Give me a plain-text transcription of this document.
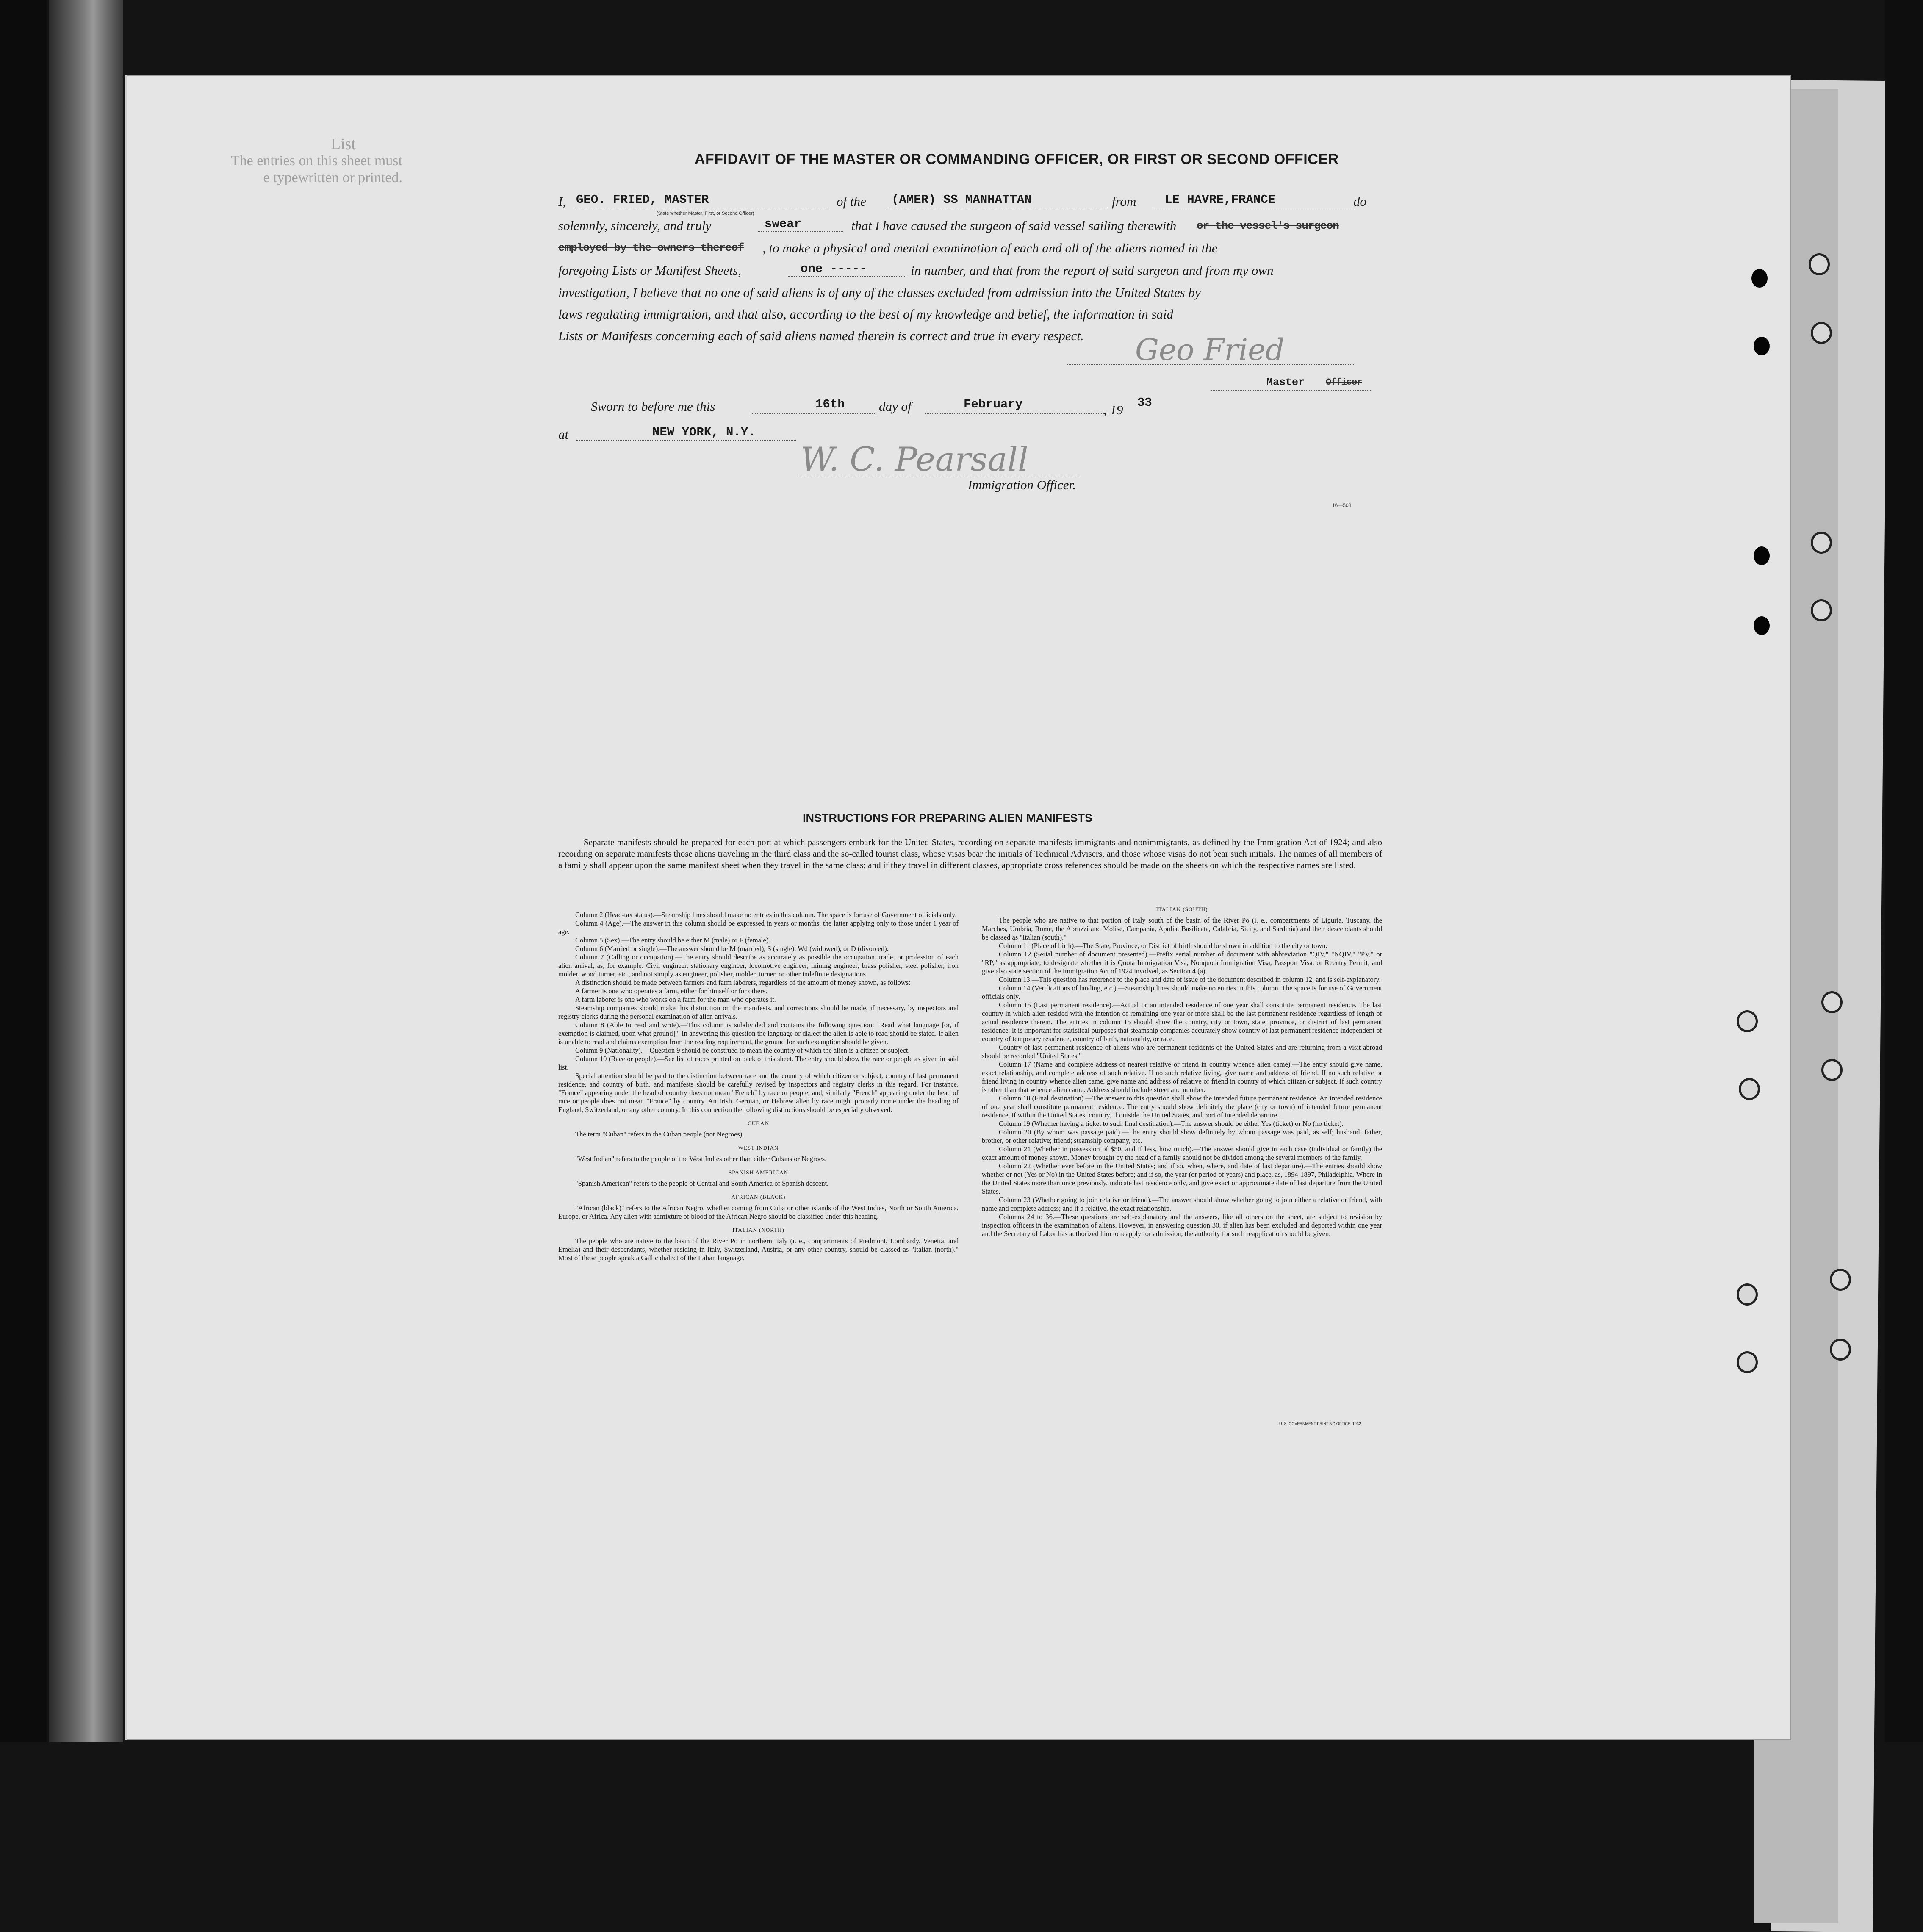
List
The entries on this sheet must
e typewritten or printed.
AFFIDAVIT OF THE MASTER OR COMMANDING OFFICER, OR FIRST OR SECOND OFFICER
I, GEO. FRIED, MASTER
(State whether Master, First, or Second Officer)
of the (AMER) SS MANHATTAN	from LE HAVRE,FRANCE	do
solemnly, sincerely, and truly	swear	that I have caused the surgeon of said vessel sailing therewith or the vessel's surgeon
employed by the owners thereof , to make a physical and mental examination of each and all of the aliens named in the
foregoing Lists or Manifest Sheets,	one -----	in number, and that from the report of said surgeon and from my own
investigation, I believe that no one of said aliens is of any of the classes excluded from admission into the United States by
laws regulating immigration, and that also, according to the best of my knowledge and belief, the information in said
Lists or Manifests concerning each of said aliens named therein is correct and true in every respect. Geo Fried
Master Officer
Sworn to before me this	16th	day of	February	, 19 33
at	NEW YORK, N.Y.
W. C. Pearsall
Immigration Officer.
16—508
INSTRUCTIONS FOR PREPARING ALIEN MANIFESTS
Separate manifests should be prepared for each port at which passengers embark for the United States, recording on separate manifests immigrants and nonimmigrants, as defined by the Immigration Act of 1924; and also recording on separate manifests those aliens traveling in the third class and the so-called tourist class, whose visas bear the initials of Technical Advisers, and those whose visas do not bear such initials. The names of all members of a family shall appear upon the same manifest sheet when they travel in the same class; and if they travel in different classes, appropriate cross references should be made on the sheets on which the respective names are listed.

Column 2 (Head-tax status).—Steamship lines should make no entries in this column. The space is for use of Government officials only.

Column 4 (Age).—The answer in this column should be expressed in years or months, the latter applying only to those under 1 year of age.

Column 5 (Sex).—The entry should be either M (male) or F (female).

Column 6 (Married or single).—The answer should be M (married), S (single), Wd (widowed), or D (divorced).

Column 7 (Calling or occupation).—The entry should describe as accurately as possible the occupation, trade, or profession of each alien arrival, as, for example: Civil engineer, stationary engineer, locomotive engineer, mining engineer, brass polisher, steel polisher, iron molder, wood turner, etc., and not simply as engineer, polisher, molder, turner, or other indefinite designations.

A distinction should be made between farmers and farm laborers, regardless of the amount of money shown, as follows:

A farmer is one who operates a farm, either for himself or for others.

A farm laborer is one who works on a farm for the man who operates it.

Steamship companies should make this distinction on the manifests, and corrections should be made, if necessary, by inspectors and registry clerks during the personal examination of alien arrivals.

Column 8 (Able to read and write).—This column is subdivided and contains the following question: "Read what language [or, if exemption is claimed, upon what ground]." In answering this question the language or dialect the alien is able to read should be stated. If alien is unable to read and claims exemption from the reading requirement, the ground for such exemption should be given.

Column 9 (Nationality).—Question 9 should be construed to mean the country of which the alien is a citizen or subject.

Column 10 (Race or people).—See list of races printed on back of this sheet. The entry should show the race or people as given in said list.

Special attention should be paid to the distinction between race and the country of which citizen or subject, country of last permanent residence, and country of birth, and manifests should be carefully revised by inspectors and registry clerks in this regard. For instance, "France" appearing under the head of country does not mean "French" by race or people, and, similarly "French" appearing under the head of race or people does not mean "France" by country. An Irish, German, or Hebrew alien by race might properly come under the heading of England, Switzerland, or any other country. In this connection the following distinctions should be especially observed:

CUBAN

The term "Cuban" refers to the Cuban people (not Negroes).

WEST INDIAN

"West Indian" refers to the people of the West Indies other than either Cubans or Negroes.

SPANISH AMERICAN

"Spanish American" refers to the people of Central and South America of Spanish descent.

AFRICAN (BLACK)

"African (black)" refers to the African Negro, whether coming from Cuba or other islands of the West Indies, North or South America, Europe, or Africa. Any alien with admixture of blood of the African Negro should be classified under this heading.

ITALIAN (NORTH)

The people who are native to the basin of the River Po in northern Italy (i. e., compartments of Piedmont, Lombardy, Venetia, and Emelia) and their descendants, whether residing in Italy, Switzerland, Austria, or any other country, should be classed as "Italian (north)." Most of these people speak a Gallic dialect of the Italian language.

ITALIAN (SOUTH)

The people who are native to that portion of Italy south of the basin of the River Po (i. e., compartments of Liguria, Tuscany, the Marches, Umbria, Rome, the Abruzzi and Molise, Campania, Apulia, Basilicata, Calabria, Sicily, and Sardinia) and their descendants should be classed as "Italian (south)."

Column 11 (Place of birth).—The State, Province, or District of birth should be shown in addition to the city or town.

Column 12 (Serial number of document presented).—Prefix serial number of document with abbreviation "QIV," "NQIV," "PV," or "RP," as appropriate, to designate whether it is Quota Immigration Visa, Nonquota Immigration Visa, Passport Visa, or Reentry Permit; and give also state section of the Immigration Act of 1924 involved, as Section 4 (a).

Column 13.—This question has reference to the place and date of issue of the document described in column 12, and is self-explanatory.

Column 14 (Verifications of landing, etc.).—Steamship lines should make no entries in this column. The space is for use of Government officials only.

Column 15 (Last permanent residence).—Actual or an intended residence of one year shall constitute permanent residence. The last country in which alien resided with the intention of remaining one year or more shall be the last permanent residence regardless of length of actual residence therein. The entries in column 15 should show the country, city or town, state, province, or district of last permanent residence. It is important for statistical purposes that steamship companies accurately show country of last permanent residence independent of country of temporary residence, country of birth, nationality, or race.

Country of last permanent residence of aliens who are permanent residents of the United States and are returning from a visit abroad should be recorded "United States."

Column 17 (Name and complete address of nearest relative or friend in country whence alien came).—The entry should give name, exact relationship, and complete address of such relative. If no such relative living, give name and address of friend. If no such relative or friend living in country whence alien came, give name and address of relative or friend in country of which citizen or subject. If such country is other than that whence alien came. Address should include street and number.

Column 18 (Final destination).—The answer to this question shall show the intended future permanent residence. An intended residence of one year shall constitute permanent residence. The entry should show definitely the place (city or town) of intended future permanent residence, if within the United States; country, if outside the United States, and port of intended departure.

Column 19 (Whether having a ticket to such final destination).—The answer should be either Yes (ticket) or No (no ticket).

Column 20 (By whom was passage paid).—The entry should show definitely by whom passage was paid, as self; husband, father, brother, or other relative; friend; steamship company, etc.

Column 21 (Whether in possession of $50, and if less, how much).—The answer should give in each case (individual or family) the exact amount of money shown. Money brought by the head of a family should not be divided among the several members of the family.

Column 22 (Whether ever before in the United States; and if so, when, where, and date of last departure).—The entries should show whether or not (Yes or No) in the United States before; and if so, the year (or period of years) and place, as, 1894-1897, Philadelphia. Where in the United States more than once previously, indicate last residence only, and give exact or approximate date of last departure from the United States.

Column 23 (Whether going to join relative or friend).—The answer should show whether going to join either a relative or friend, with name and complete address; and if a relative, the exact relationship.

Columns 24 to 36.—These questions are self-explanatory and the answers, like all others on the sheet, are subject to revision by inspection officers in the examination of aliens. However, in answering question 30, if alien has been excluded and deported within one year and the Secretary of Labor has authorized him to reapply for admission, the authority for such reapplication should be given.

U. S. GOVERNMENT PRINTING OFFICE: 1932
